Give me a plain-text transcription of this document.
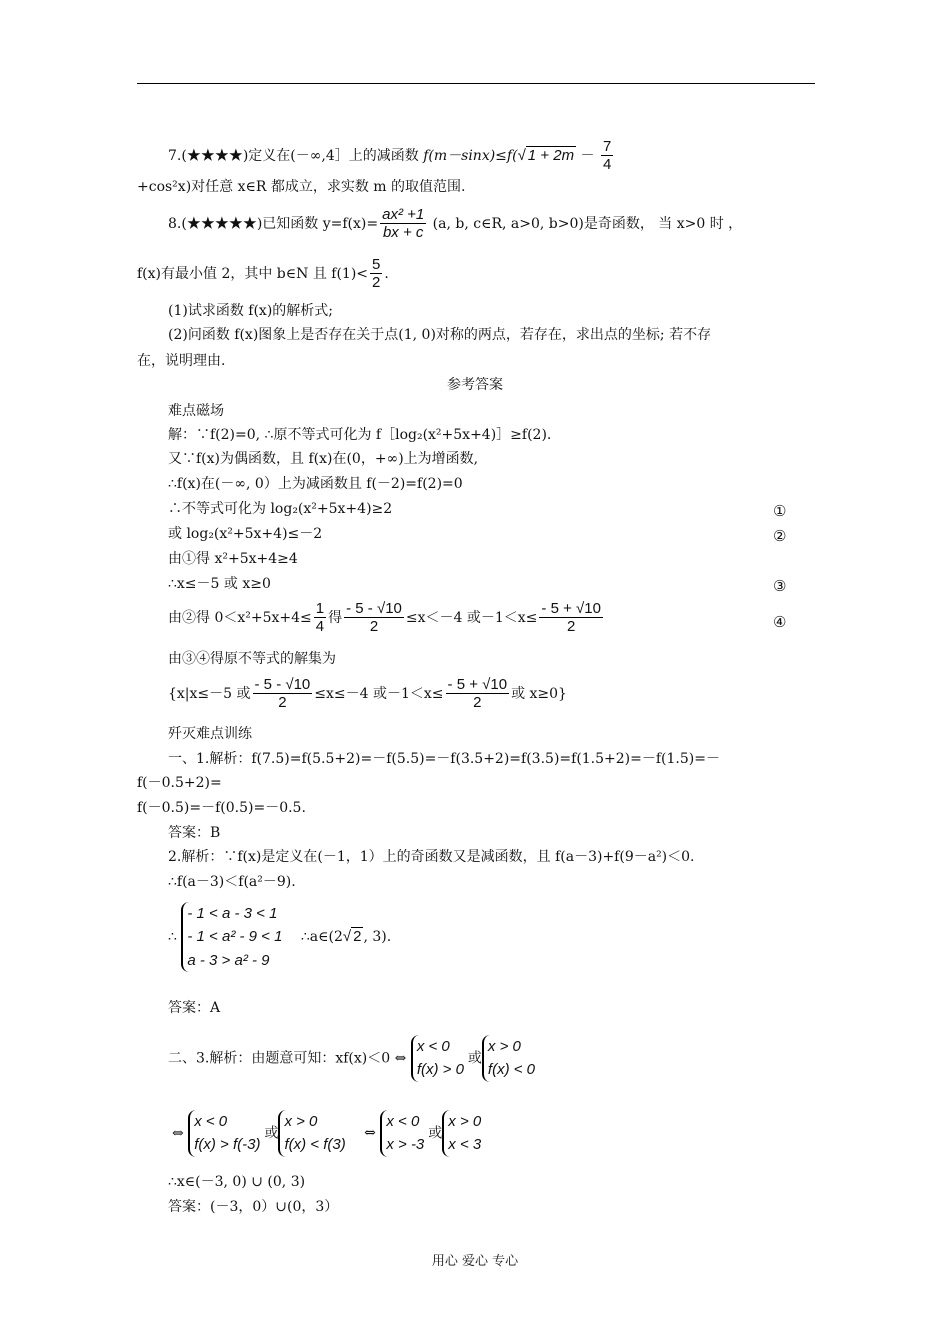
7.(★★★★)定义在(－∞,4］上的减函数 f(m－sinx)≤f(√ $1 + 2m - \frac{7}{4}$
+cos²x)对任意 x∈R 都成立，求实数 m 的取值范围.
8.(★★★★★)已知函数 $y=f(x)= \frac{\text{ax² +1}}{bx + c} (a$, b, c∈R, a>0, b>0)是奇函数， 当 x>0 时 ，
f(x)有最小值 2，其中 b∈N 且 $f(1)< \frac{5}{2}$ .
(1)试求函数 f(x)的解析式;
(2)问函数 f(x)图象上是否存在关于点(1, 0)对称的两点，若存在，求出点的坐标; 若不存
在，说明理由.
参考答案
难点磁场
解：∵f(2)=0, ∴原不等式可化为 f［log₂(x²+5x+4)］≥f(2).
又∵f(x)为偶函数，且 f(x)在(0，+∞)上为增函数,
∴f(x)在(－∞, 0）上为减函数且 f(－2)=f(2)=0
∴不等式可化为 log₂(x²+5x+4)≥2	①
或 log₂(x²+5x+4)≤－2	②
由①得 x²+5x+4≥4
∴x≤－5 或 x≥0	③
由②得 $0<x^2+5x+4\le \frac{1}{4}$ 得 $\frac{- 5 - √10}{2} \le x<-4$ 或$-1<x\le \frac{- 5 + √10}{2}$	④
由③④得原不等式的解集为
{x|x≤－5 或 $\frac{- 5 - √10}{2} \le x\le-4$ 或$-1<x\le \frac{- 5 + √10}{2}$ 或 x≥0}
歼灭难点训练
一、1.解析：f(7.5)=f(5.5+2)=－f(5.5)=－f(3.5+2)=f(3.5)=f(1.5+2)=－f(1.5)=－
f(－0.5+2)=
f(－0.5)=－f(0.5)=－0.5.
答案：B
2.解析：∵f(x)是定义在(－1，1）上的奇函数又是减函数，且 f(a－3)+f(9－a²)＜0.
∴f(a－3)＜f(a²－9).
∴
- 1 < a - 3 < 1
- 1 < a² - 9 < 1
a - 3 > a² - 9
∴a∈(2√ 2 , 3).
答案：A
二、3.解析：由题意可知：xf(x)＜0 ⇔
x < 0
f(x) > 0
或
x > 0
f(x) < 0
⇔
x < 0
f(x) > f(-3)
或
x > 0
f(x) < f(3)
⇔
x < 0
x > -3
或
x > 0
x < 3
∴x∈(－3, 0) ∪ (0, 3)
答案：(－3，0）∪(0，3）
用心 爱心 专心
